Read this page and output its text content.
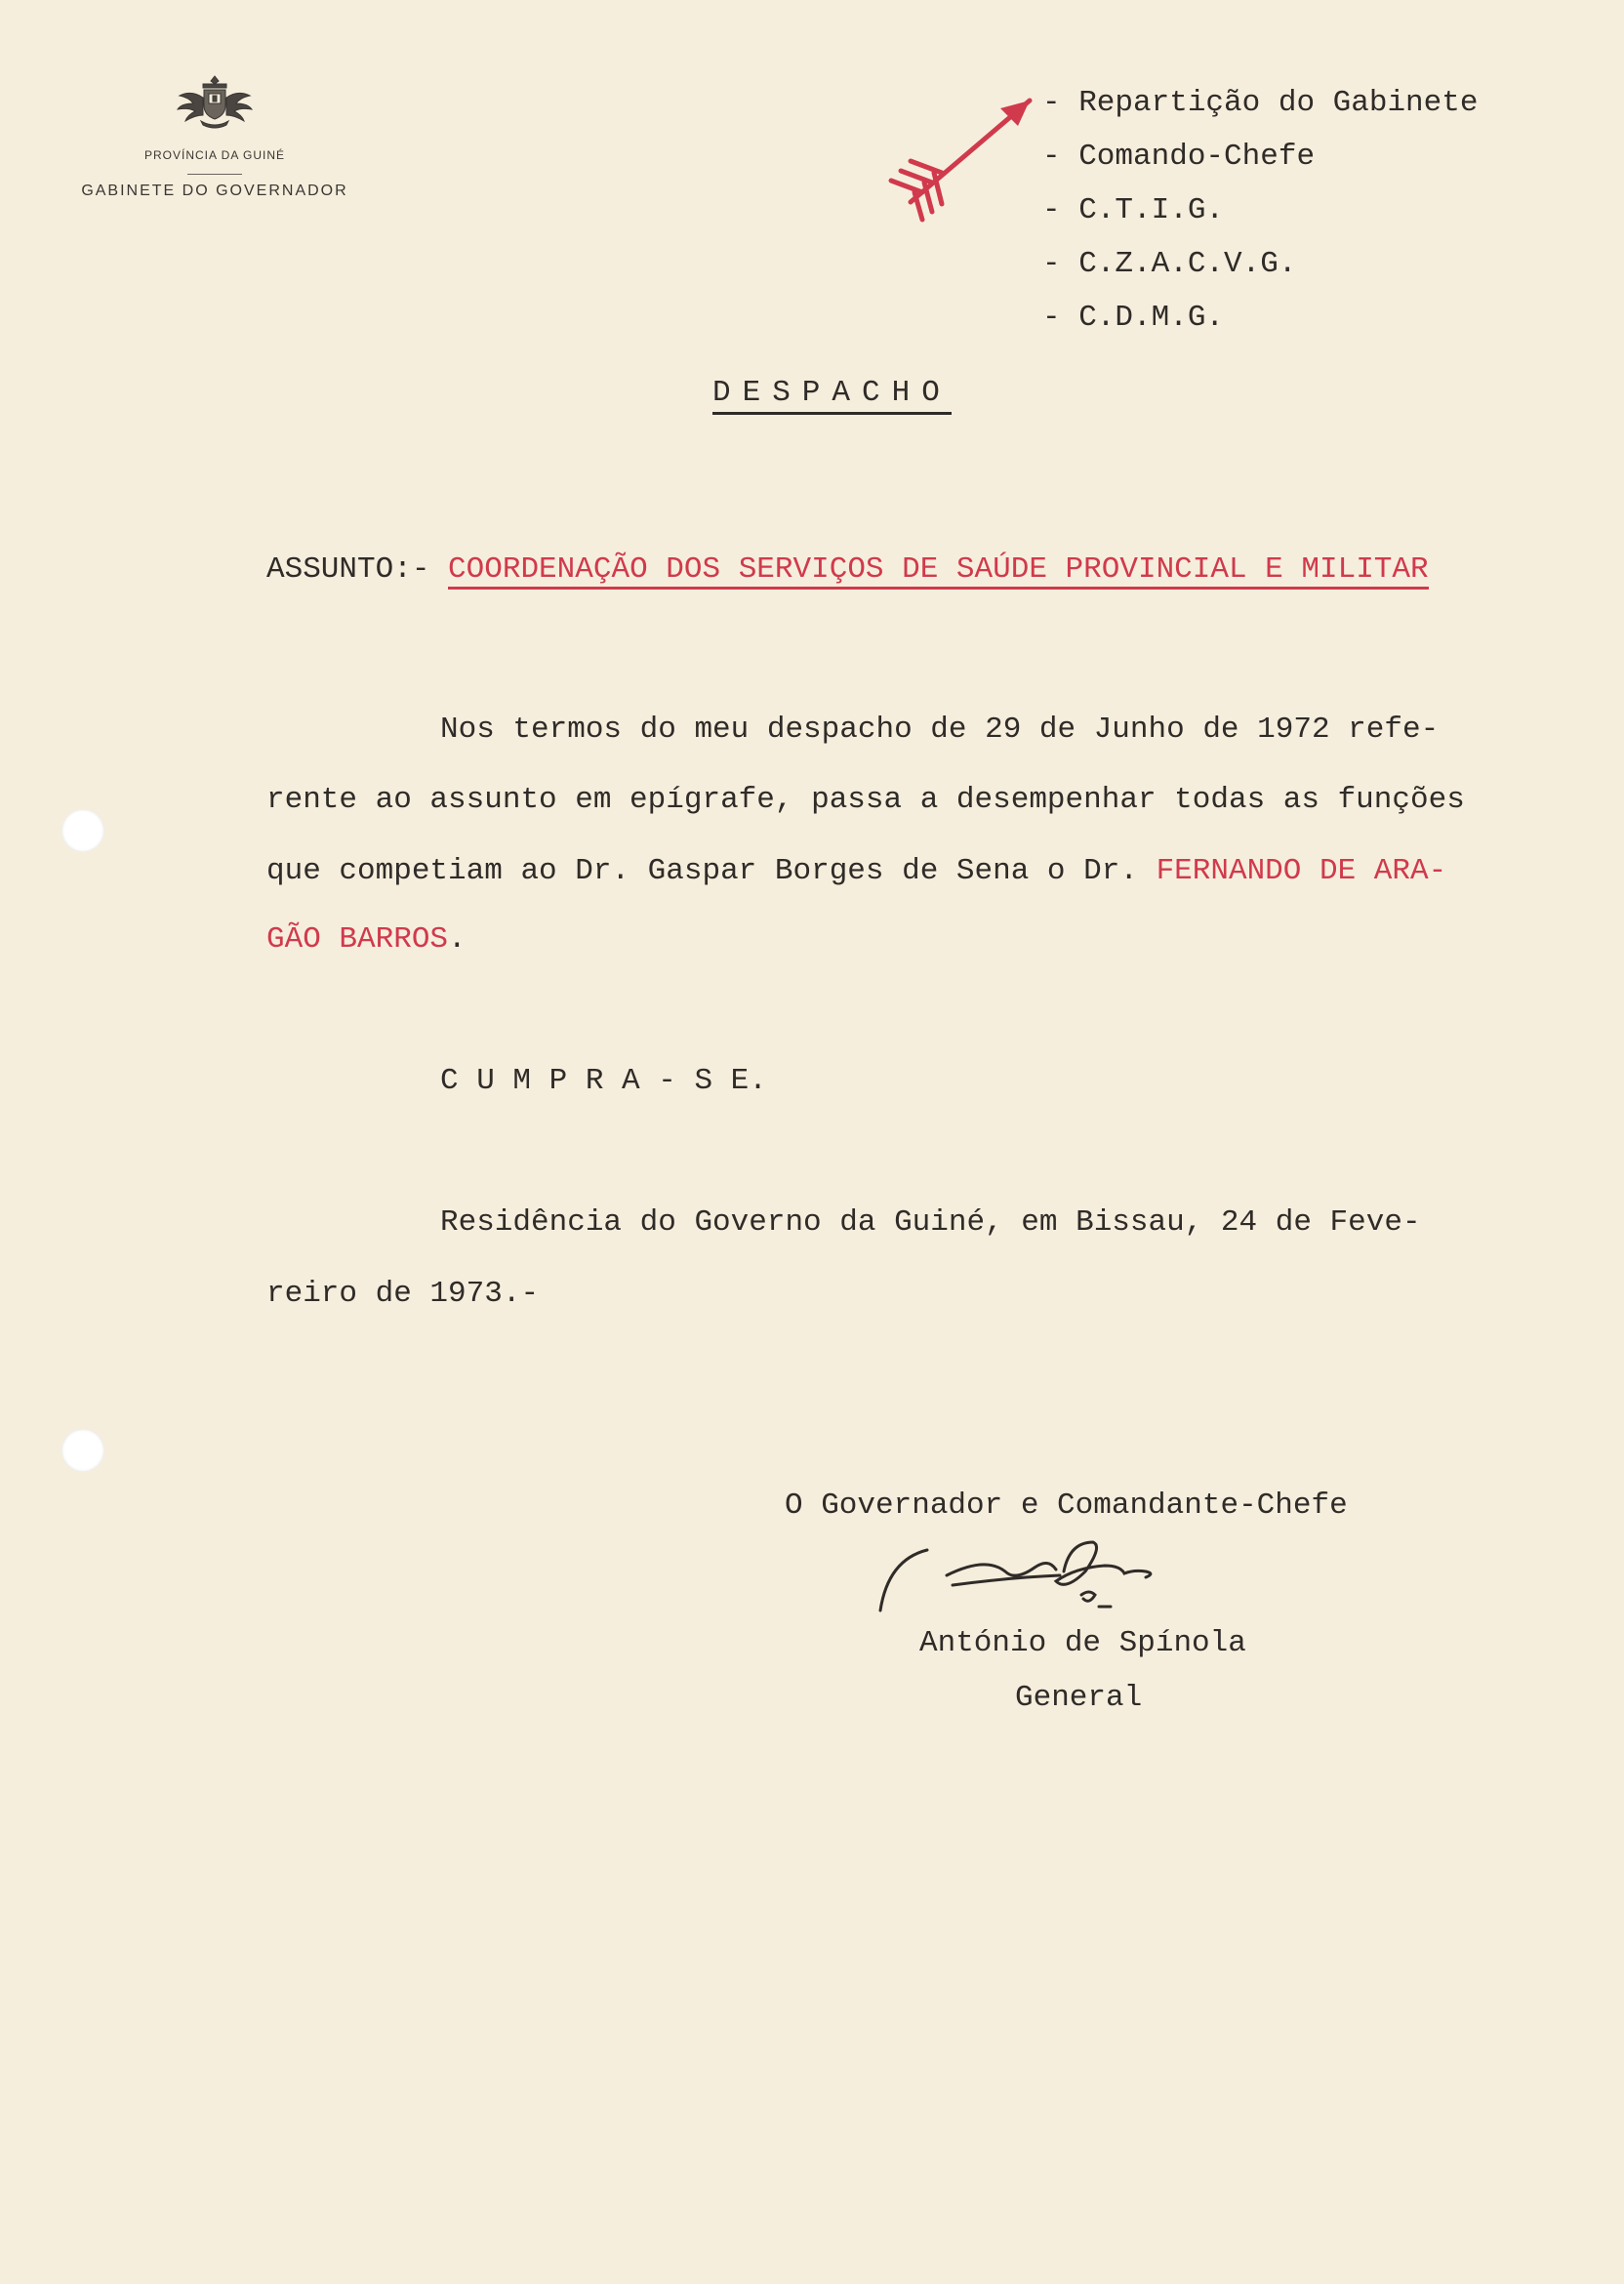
PROVÍNCIA DA GUINÉ
GABINETE DO GOVERNADOR
- Repartição do Gabinete
- Comando-Chefe
- C.T.I.G.
- C.Z.A.C.V.G.
- C.D.M.G.
DESPACHO
ASSUNTO:- COORDENAÇÃO DOS SERVIÇOS DE SAÚDE PROVINCIAL E MILITAR
Nos termos do meu despacho de 29 de Junho de 1972 refe-
rente ao assunto em epígrafe, passa a desempenhar todas as funções
que competiam ao Dr. Gaspar Borges de Sena o Dr. FERNANDO DE ARA-
GÃO BARROS.
C U M P R A - S E.
Residência do Governo da Guiné, em Bissau, 24 de Feve-
reiro de 1973.-
O Governador e Comandante-Chefe
António de Spínola
General
